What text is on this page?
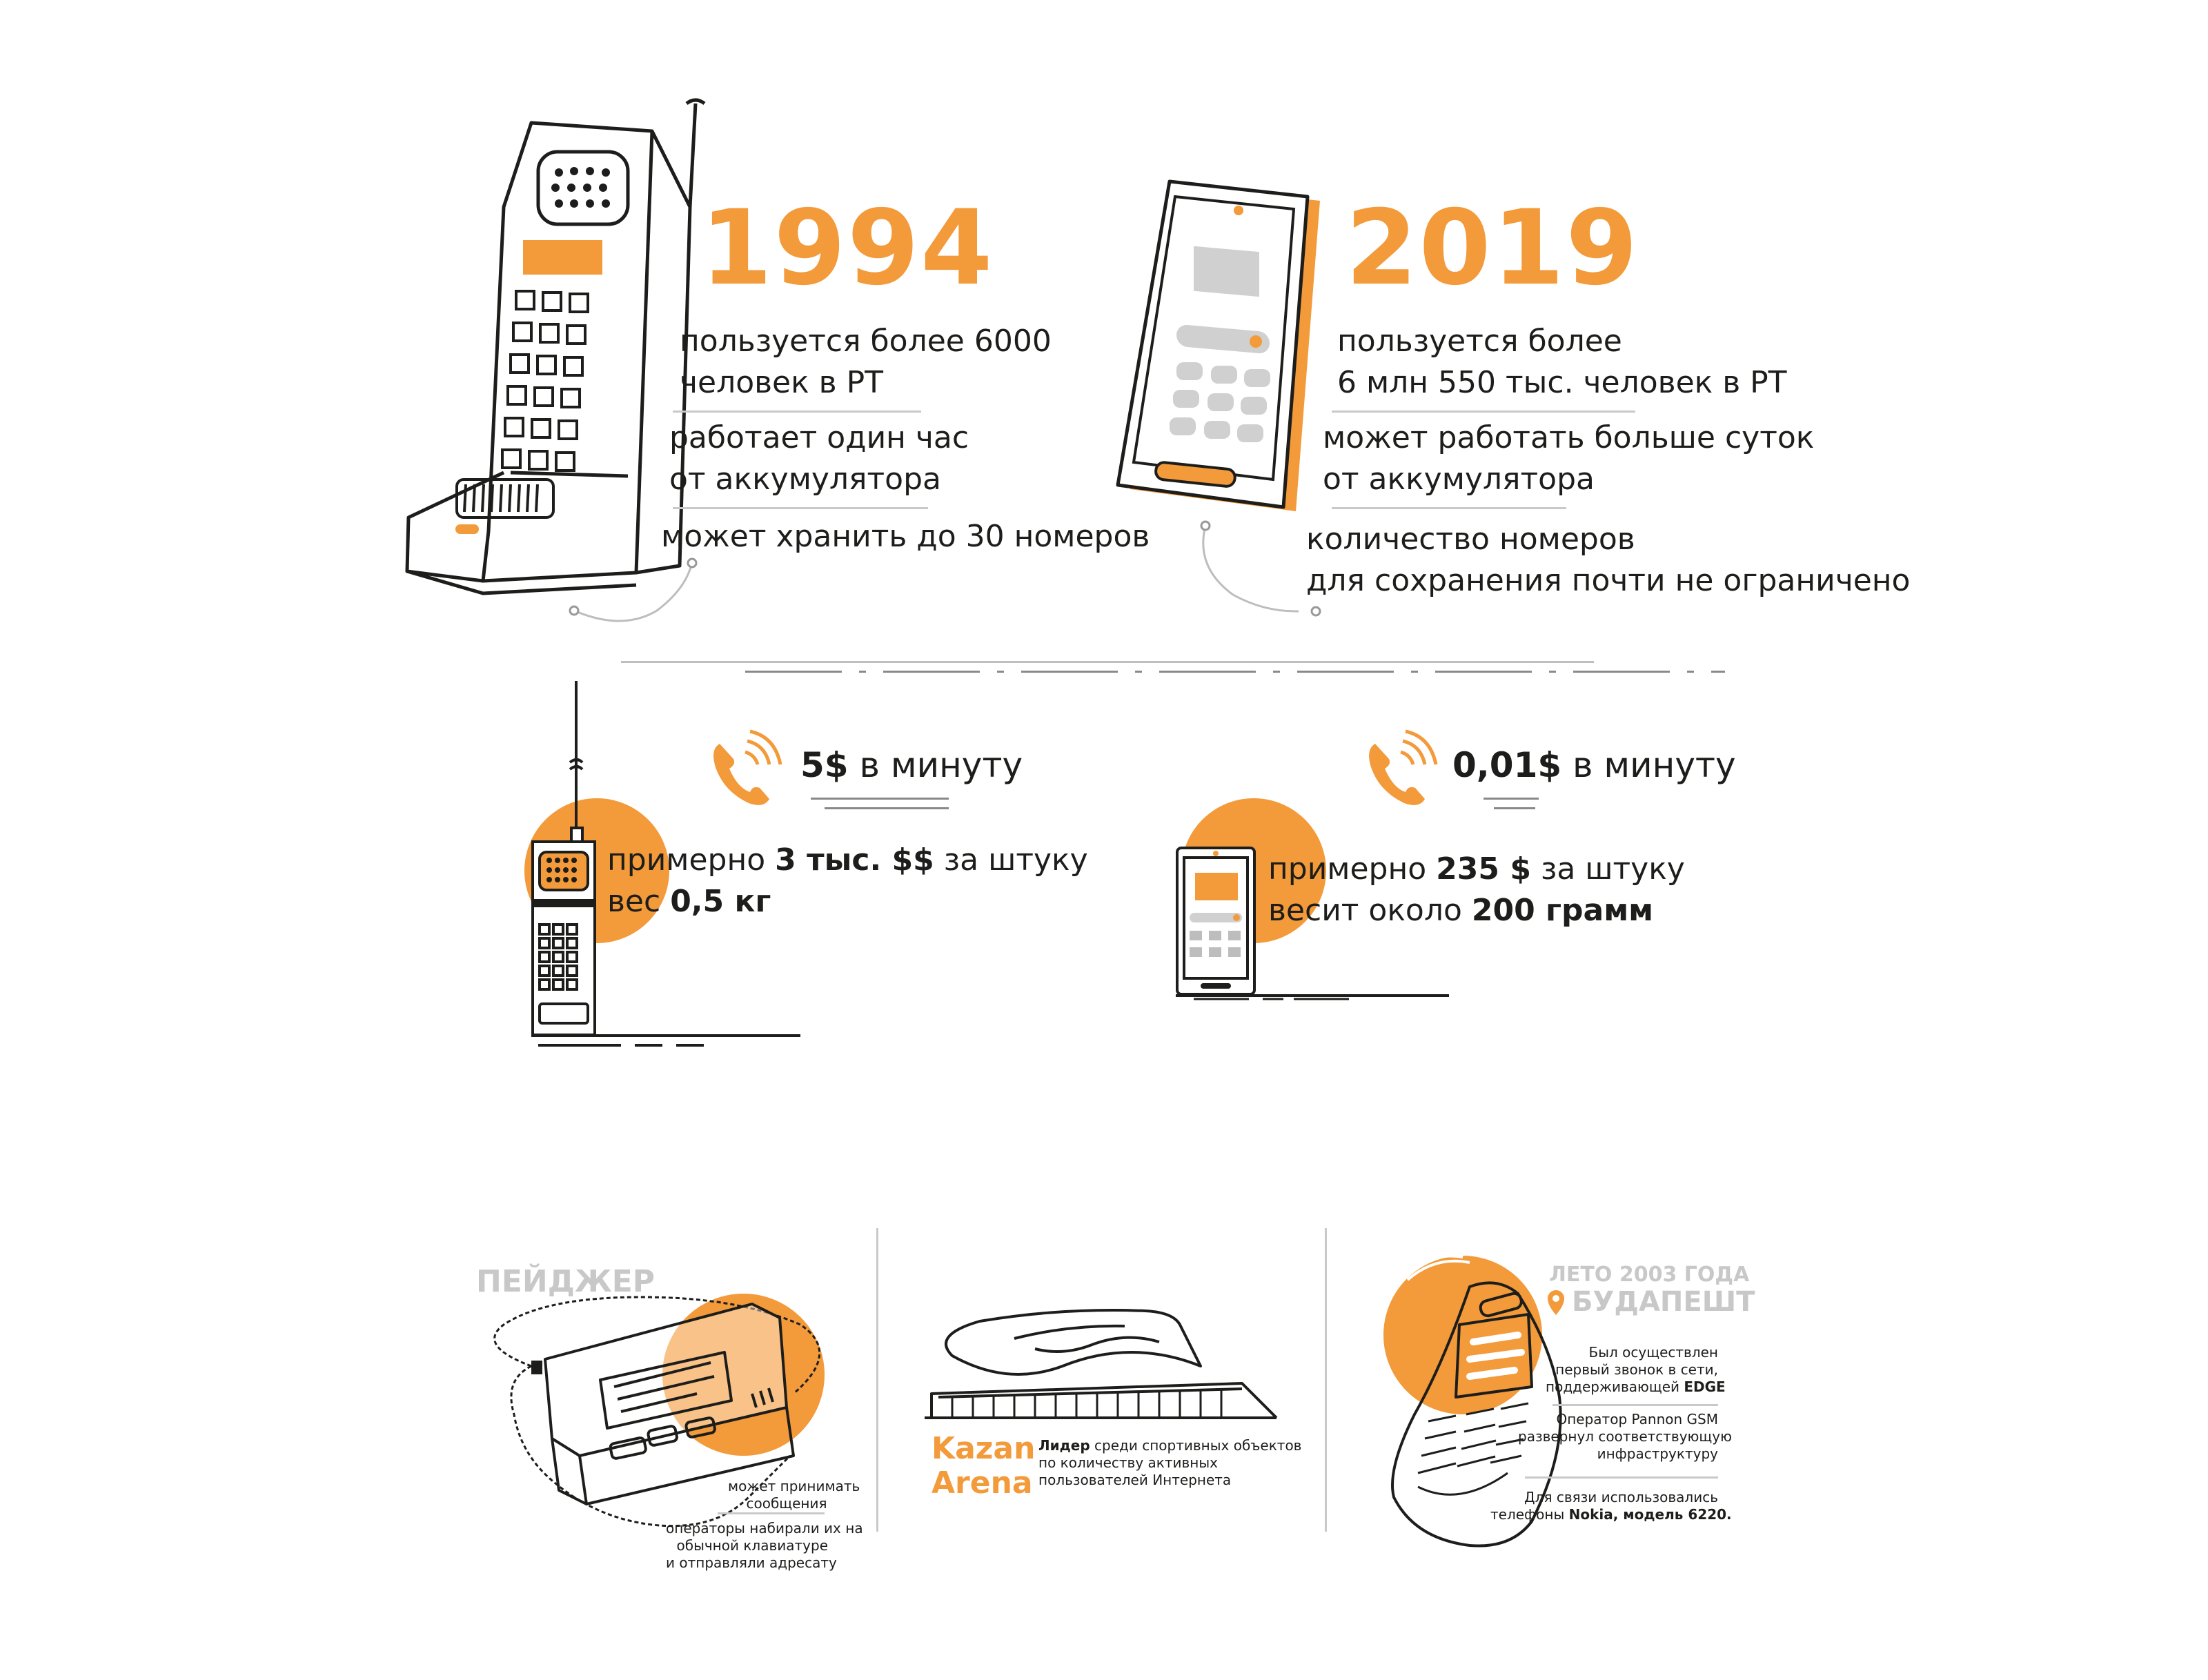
1994
пользуется более 6000
человек в РТ
работает один час
от аккумулятора
может хранить до 30 номеров
2019
пользуется более
6 млн 550 тыс. человек в РТ
может работать больше суток
от аккумулятора
количество номеров
для сохранения почти не ограничено
5$ в минуту
примерно 3 тыс. $$ за штуку
вес 0,5 кг
0,01$ в минуту
примерно 235 $ за штуку
весит около 200 грамм
ПЕЙДЖЕР
может принимать
сообщения
операторы набирали их на
обычной клавиатуре
и отправляли адресату
Kazan
Arena
Лидер среди спортивных объектов
по количеству активных
пользователей Интернета
ЛЕТО 2003 ГОДА
БУДАПЕШТ
Был осуществлен
первый звонок в сети,
поддерживающей EDGE
Оператор Pannon GSM
развернул соответствующую
инфраструктуру
Для связи использовались
телефоны Nokia, модель 6220.
